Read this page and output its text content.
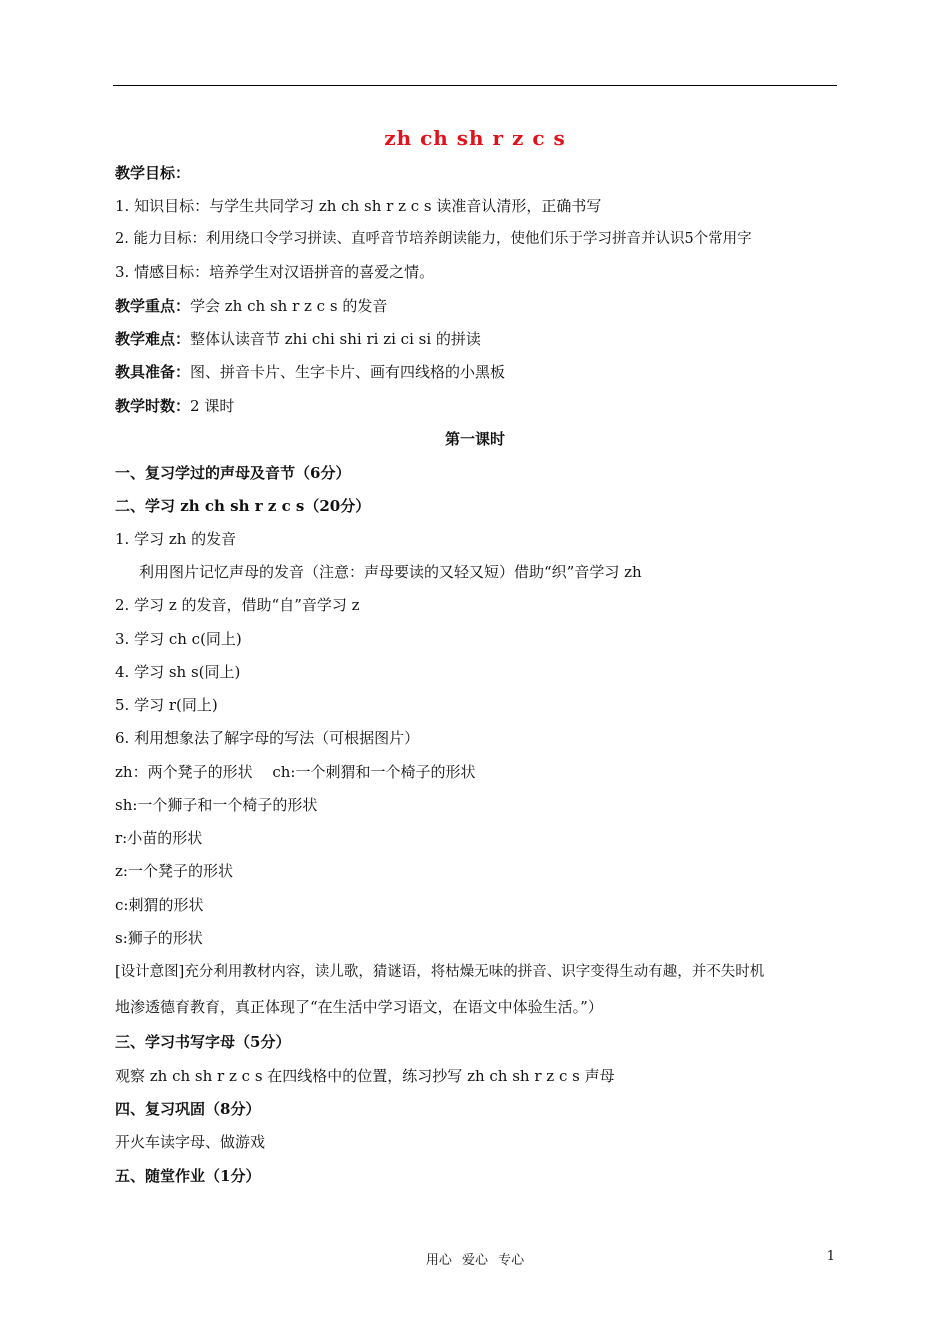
zh ch sh r z c s
教学目标：
1. 知识目标：与学生共同学习 zh ch sh r z c s 读准音认清形，正确书写
2. 能力目标：利用绕口令学习拼读、直呼音节培养朗读能力，使他们乐于学习拼音并认识5个常用字
3. 情感目标：培养学生对汉语拼音的喜爱之情。
教学重点：学会 zh ch sh r z c s 的发音
教学难点：整体认读音节 zhi chi shi ri zi ci si 的拼读
教具准备：图、拼音卡片、生字卡片、画有四线格的小黑板
教学时数：2 课时
第一课时
一、复习学过的声母及音节（6分）
二、学习 zh ch sh r z c s（20分）
1. 学习 zh 的发音
利用图片记忆声母的发音（注意：声母要读的又轻又短）借助“织”音学习 zh
2. 学习 z 的发音，借助“自”音学习 z
3. 学习 ch c(同上)
4. 学习 sh s(同上)
5. 学习 r(同上)
6. 利用想象法了解字母的写法（可根据图片）
zh：两个凳子的形状　 ch:一个刺猬和一个椅子的形状
sh:一个狮子和一个椅子的形状
r:小苗的形状
z:一个凳子的形状
c:刺猬的形状
s:狮子的形状
[设计意图]充分利用教材内容，读儿歌，猜谜语，将枯燥无味的拼音、识字变得生动有趣，并不失时机
地渗透德育教育，真正体现了“在生活中学习语文，在语文中体验生活。”）
三、学习书写字母（5分）
观察 zh ch sh r z c s 在四线格中的位置，练习抄写 zh ch sh r z c s 声母
四、复习巩固（8分）
开火车读字母、做游戏
五、随堂作业（1分）
用心 爱心 专心	1
